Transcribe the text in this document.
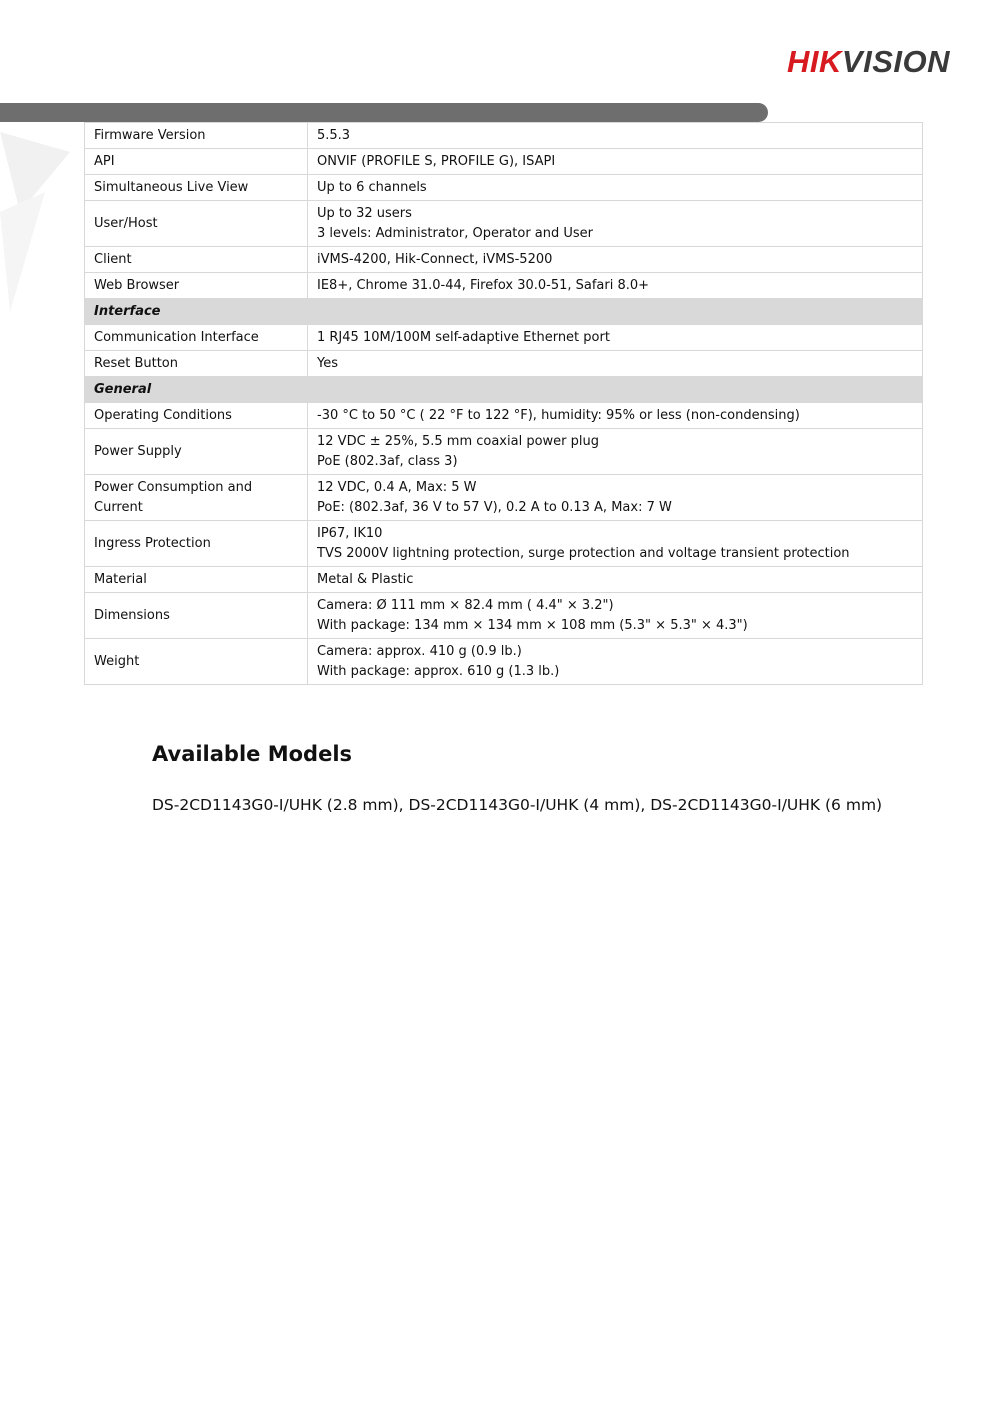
HIKVISION
Firmware Version	5.5.3
API	ONVIF (PROFILE S, PROFILE G), ISAPI
Simultaneous Live View	Up to 6 channels
User/Host	Up to 32 users
3 levels: Administrator, Operator and User

Client	iVMS-4200, Hik-Connect, iVMS-5200
Web Browser	IE8+, Chrome 31.0-44, Firefox 30.0-51, Safari 8.0+
Interface	
Communication Interface	1 RJ45 10M/100M self-adaptive Ethernet port
Reset Button	Yes
General	
Operating Conditions	-30 °C to 50 °C ( 22 °F to 122 °F), humidity: 95% or less (non-condensing)
Power Supply	12 VDC ± 25%, 5.5 mm coaxial power plug
PoE (802.3af, class 3)

Power Consumption and Current	12 VDC, 0.4 A, Max: 5 W
PoE: (802.3af, 36 V to 57 V), 0.2 A to 0.13 A, Max: 7 W

Ingress Protection	IP67, IK10
TVS 2000V lightning protection, surge protection and voltage transient protection

Material	Metal & Plastic
Dimensions	Camera: Ø 111 mm × 82.4 mm ( 4.4" × 3.2")
With package: 134 mm × 134 mm × 108 mm (5.3" × 5.3" × 4.3")

Weight	Camera: approx. 410 g (0.9 lb.)
With package: approx. 610 g (1.3 lb.)
Available Models

DS-2CD1143G0-I/UHK (2.8 mm), DS-2CD1143G0-I/UHK (4 mm), DS-2CD1143G0-I/UHK (6 mm)
